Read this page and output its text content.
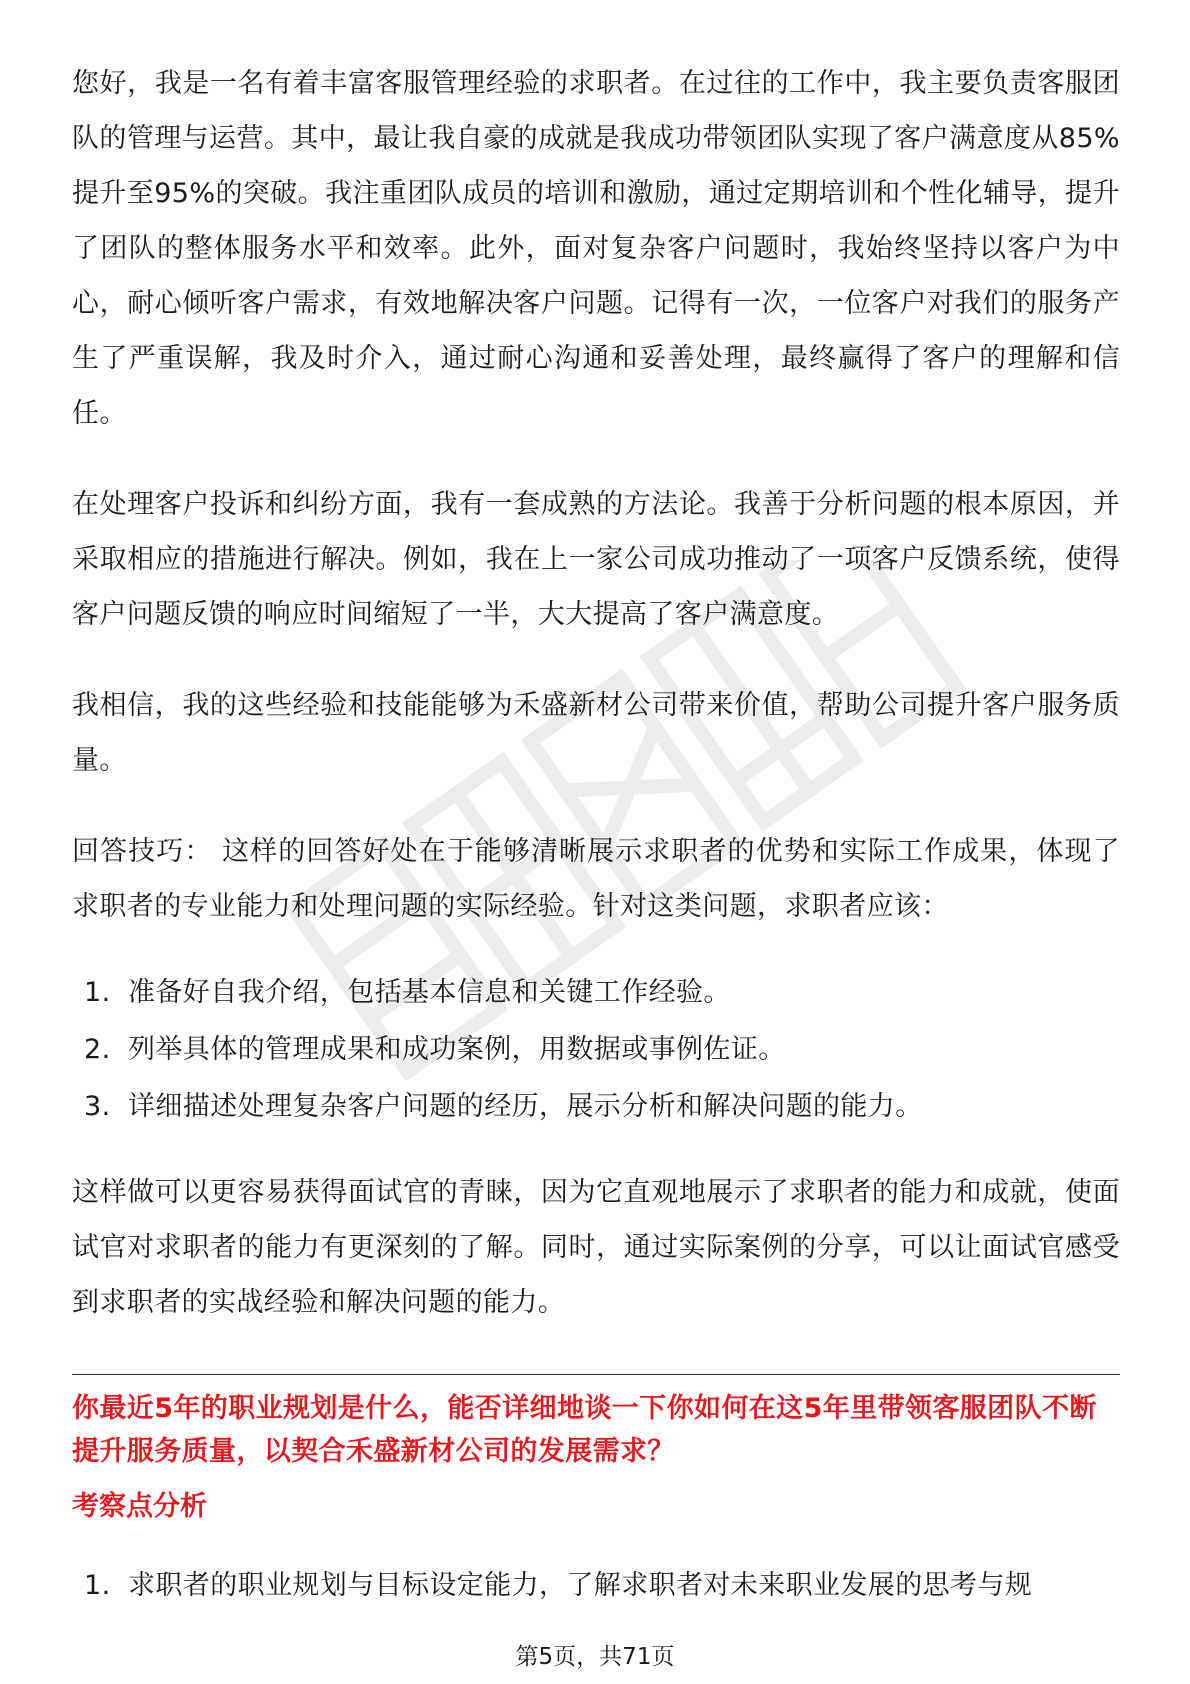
您好，我是一名有着丰富客服管理经验的求职者。在过往的工作中，我主要负责客服团队的管理与运营。其中，最让我自豪的成就是我成功带领团队实现了客户满意度从85%提升至95%的突破。我注重团队成员的培训和激励，通过定期培训和个性化辅导，提升了团队的整体服务水平和效率。此外，面对复杂客户问题时，我始终坚持以客户为中心，耐心倾听客户需求，有效地解决客户问题。记得有一次，一位客户对我们的服务产生了严重误解，我及时介入，通过耐心沟通和妥善处理，最终赢得了客户的理解和信任。

在处理客户投诉和纠纷方面，我有一套成熟的方法论。我善于分析问题的根本原因，并采取相应的措施进行解决。例如，我在上一家公司成功推动了一项客户反馈系统，使得客户问题反馈的响应时间缩短了一半，大大提高了客户满意度。

我相信，我的这些经验和技能能够为禾盛新材公司带来价值，帮助公司提升客户服务质量。

回答技巧： 这样的回答好处在于能够清晰展示求职者的优势和实际工作成果，体现了求职者的专业能力和处理问题的实际经验。针对这类问题，求职者应该：

1. 准备好自我介绍，包括基本信息和关键工作经验。
2. 列举具体的管理成果和成功案例，用数据或事例佐证。
3. 详细描述处理复杂客户问题的经历，展示分析和解决问题的能力。

这样做可以更容易获得面试官的青睐，因为它直观地展示了求职者的能力和成就，使面试官对求职者的能力有更深刻的了解。同时，通过实际案例的分享，可以让面试官感受到求职者的实战经验和解决问题的能力。

你最近5年的职业规划是什么，能否详细地谈一下你如何在这5年里带领客服团队不断提升服务质量，以契合禾盛新材公司的发展需求？

考察点分析

1. 求职者的职业规划与目标设定能力，了解求职者对未来职业发展的思考与规
第5页，共71页
